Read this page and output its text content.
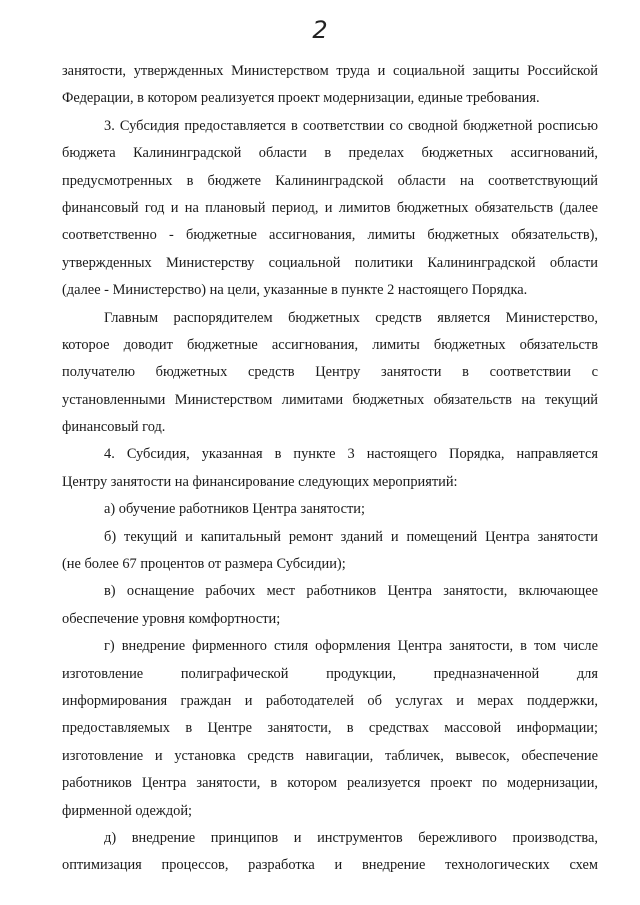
2
занятости, утвержденных Министерством труда и социальной защиты Российской
Федерации, в котором реализуется проект модернизации, единые требования.
3. Субсидия предоставляется в соответствии со сводной бюджетной росписью
бюджета Калининградской области в пределах бюджетных ассигнований,
предусмотренных в бюджете Калининградской области на соответствующий
финансовый год и на плановый период, и лимитов бюджетных обязательств (далее
соответственно - бюджетные ассигнования, лимиты бюджетных обязательств),
утвержденных Министерству социальной политики Калининградской области
(далее - Министерство) на цели, указанные в пункте 2 настоящего Порядка.
Главным распорядителем бюджетных средств является Министерство,
которое доводит бюджетные ассигнования, лимиты бюджетных обязательств
получателю бюджетных средств Центру занятости в соответствии с
установленными Министерством лимитами бюджетных обязательств на текущий
финансовый год.
4. Субсидия, указанная в пункте 3 настоящего Порядка, направляется
Центру занятости на финансирование следующих мероприятий:
а) обучение работников Центра занятости;
б) текущий и капитальный ремонт зданий и помещений Центра занятости
(не более 67 процентов от размера Субсидии);
в) оснащение рабочих мест работников Центра занятости, включающее
обеспечение уровня комфортности;
г) внедрение фирменного стиля оформления Центра занятости, в том числе
изготовление полиграфической продукции, предназначенной для
информирования граждан и работодателей об услугах и мерах поддержки,
предоставляемых в Центре занятости, в средствах массовой информации;
изготовление и установка средств навигации, табличек, вывесок, обеспечение
работников Центра занятости, в котором реализуется проект по модернизации,
фирменной одеждой;
д) внедрение принципов и инструментов бережливого производства,
оптимизация процессов, разработка и внедрение технологических схем
